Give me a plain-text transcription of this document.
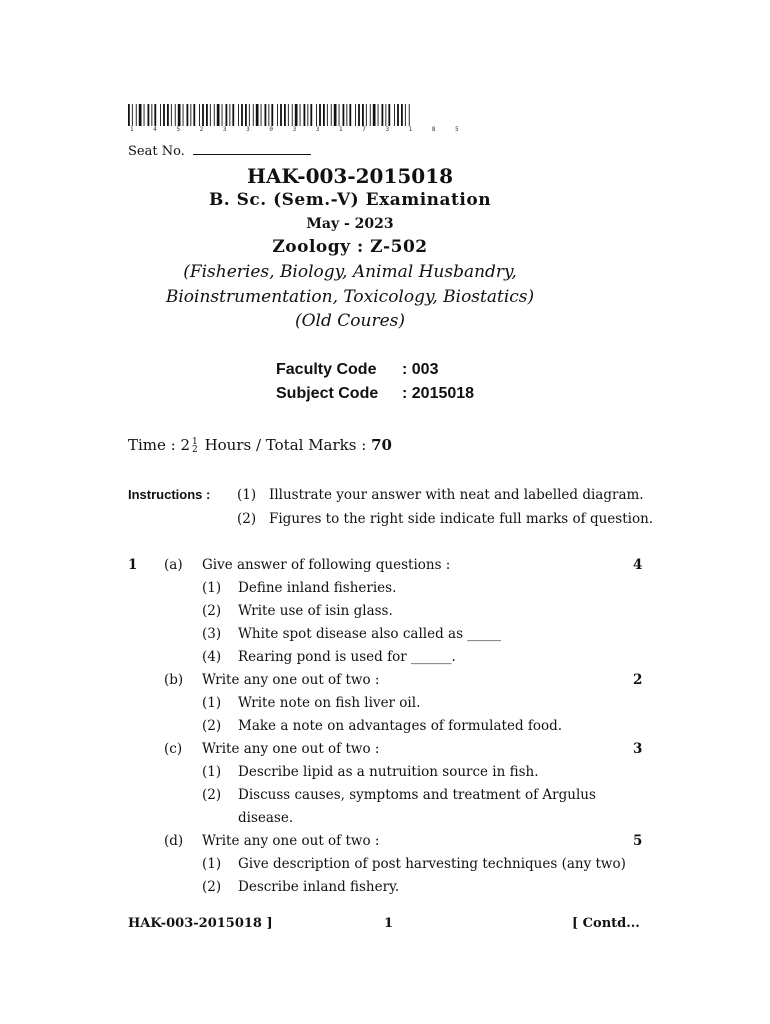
1 4 5 2 3 3 0 3 3 1 7 3 1 8 5
Seat No.
HAK-003-2015018
B. Sc. (Sem.-V) Examination
May - 2023
Zoology : Z-502
(Fisheries, Biology, Animal Husbandry,
Bioinstrumentation, Toxicology, Biostatics)
(Old Coures)
Faculty Code : 003
Subject Code : 2015018
Time : 2 1
2 Hours / Total Marks : 70
Instructions : (1) Illustrate your answer with neat and labelled diagram.
(2) Figures to the right side indicate full marks of question.
1 (a) Give answer of following questions :	4
(1) Define inland fisheries.
(2) Write use of isin glass.
(3) White spot disease also called as _____
(4) Rearing pond is used for ______.
(b) Write any one out of two :	2
(1) Write note on fish liver oil.
(2) Make a note on advantages of formulated food.
(c) Write any one out of two :	3
(1) Describe lipid as a nutruition source in fish.
(2) Discuss causes, symptoms and treatment of Argulus
disease.
(d) Write any one out of two :	5
(1) Give description of post harvesting techniques (any two)
(2) Describe inland fishery.
HAK-003-2015018 ]	1	[ Contd...
